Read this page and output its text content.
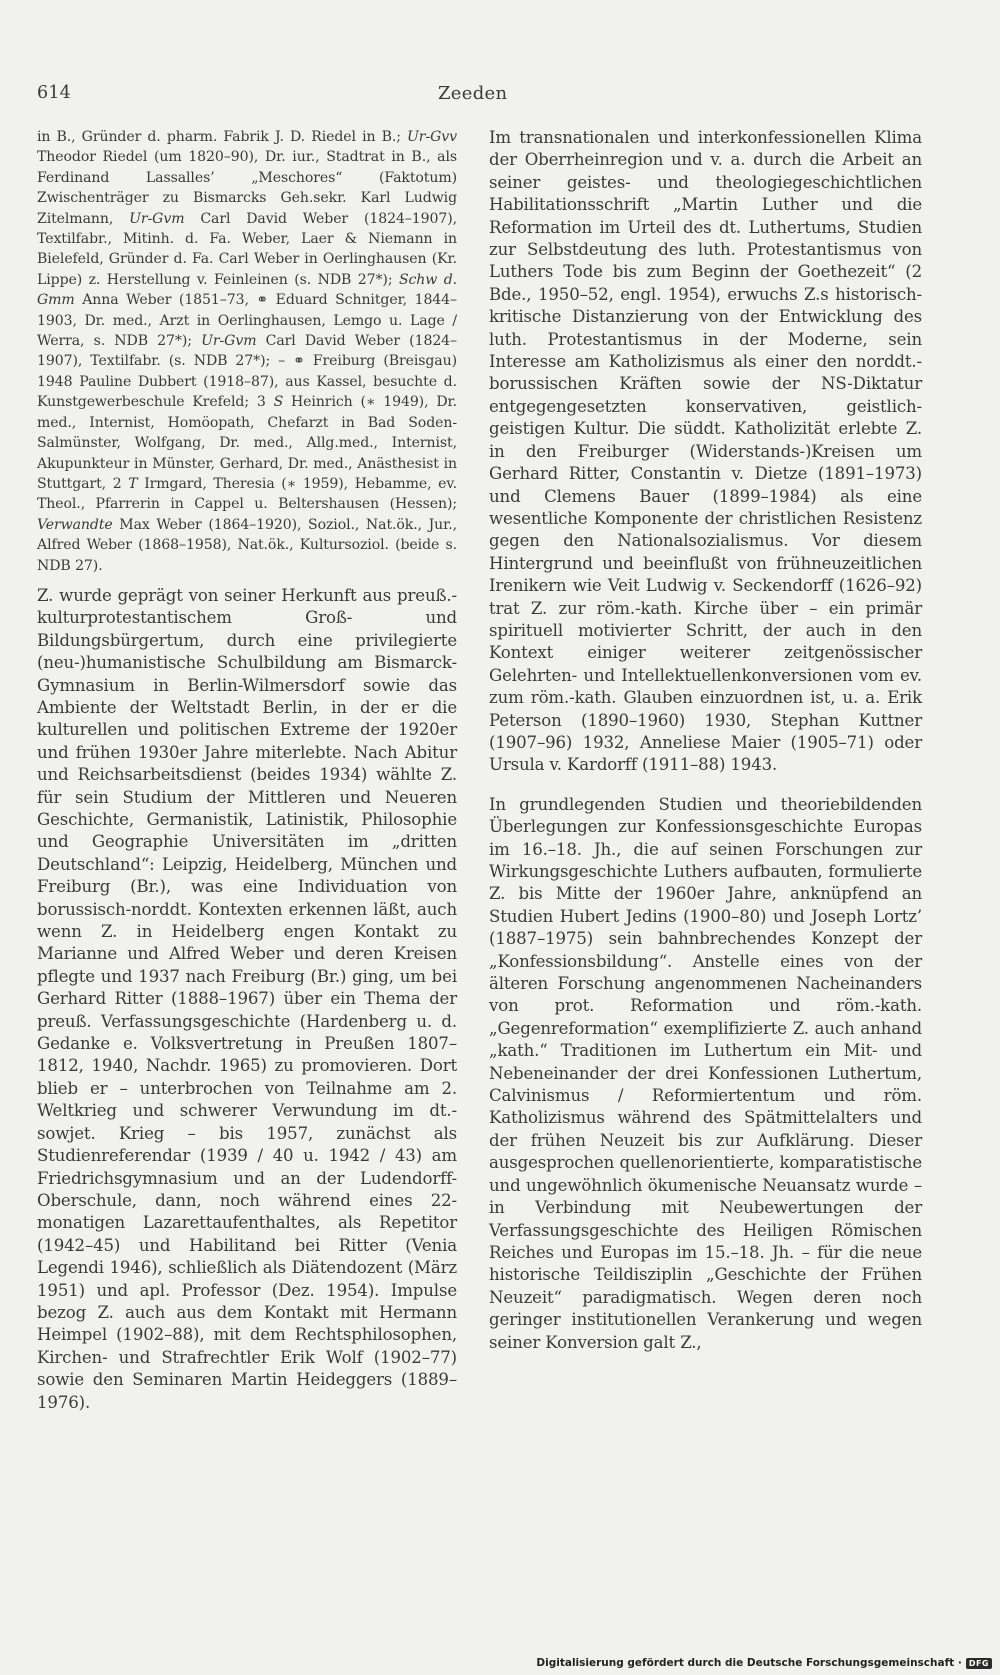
614	Zeeden

in B., Gründer d. pharm. Fabrik J. D. Riedel in B.; Ur-Gvv Theodor Riedel (um 1820–90), Dr. iur., Stadtrat in B., als Ferdinand Lassalles’ „Meschores“ (Faktotum) Zwischenträger zu Bismarcks Geh.sekr. Karl Ludwig Zitelmann, Ur-Gvm Carl David Weber (1824–1907), Textilfabr., Mitinh. d. Fa. Weber, Laer & Niemann in Bielefeld, Gründer d. Fa. Carl Weber in Oerlinghausen (Kr. Lippe) z. Herstellung v. Feinleinen (s. NDB 27*); Schw d. Gmm Anna Weber (1851–73, ⚭ Eduard Schnitger, 1844–1903, Dr. med., Arzt in Oerlinghausen, Lemgo u. Lage / Werra, s. NDB 27*); Ur-Gvm Carl David Weber (1824–1907), Textilfabr. (s. NDB 27*); – ⚭ Freiburg (Breisgau) 1948 Pauline Dubbert (1918–87), aus Kassel, besuchte d. Kunstgewerbeschule Krefeld; 3 S Heinrich (∗ 1949), Dr. med., Internist, Homöopath, Chefarzt in Bad Soden-Salmünster, Wolfgang, Dr. med., Allg.med., Internist, Akupunkteur in Münster, Gerhard, Dr. med., Anästhesist in Stuttgart, 2 T Irmgard, Theresia (∗ 1959), Hebamme, ev. Theol., Pfarrerin in Cappel u. Beltershausen (Hessen); Verwandte Max Weber (1864–1920), Soziol., Nat.ök., Jur., Alfred Weber (1868–1958), Nat.ök., Kultursoziol. (beide s. NDB 27).

Z. wurde geprägt von seiner Herkunft aus preuß.-kulturprotestantischem Groß- und Bildungsbürgertum, durch eine privilegierte (neu-)humanistische Schulbildung am Bismarck-Gymnasium in Berlin-Wilmersdorf sowie das Ambiente der Weltstadt Berlin, in der er die kulturellen und politischen Extreme der 1920er und frühen 1930er Jahre miterlebte. Nach Abitur und Reichsarbeitsdienst (beides 1934) wählte Z. für sein Studium der Mittleren und Neueren Geschichte, Germanistik, Latinistik, Philosophie und Geographie Universitäten im „dritten Deutschland“: Leipzig, Heidelberg, München und Freiburg (Br.), was eine Individuation von borussisch-norddt. Kontexten erkennen läßt, auch wenn Z. in Heidelberg engen Kontakt zu Marianne und Alfred Weber und deren Kreisen pflegte und 1937 nach Freiburg (Br.) ging, um bei Gerhard Ritter (1888–1967) über ein Thema der preuß. Verfassungsgeschichte (Hardenberg u. d. Gedanke e. Volksvertretung in Preußen 1807–1812, 1940, Nachdr. 1965) zu promovieren. Dort blieb er – unterbrochen von Teilnahme am 2. Weltkrieg und schwerer Verwundung im dt.-sowjet. Krieg – bis 1957, zunächst als Studienreferendar (1939 / 40 u. 1942 / 43) am Friedrichsgymnasium und an der Ludendorff-Oberschule, dann, noch während eines 22-monatigen Lazarettaufenthaltes, als Repetitor (1942–45) und Habilitand bei Ritter (Venia Legendi 1946), schließlich als Diätendozent (März 1951) und apl. Professor (Dez. 1954). Impulse bezog Z. auch aus dem Kontakt mit Hermann Heimpel (1902–88), mit dem Rechtsphilosophen, Kirchen- und Strafrechtler Erik Wolf (1902–77) sowie den Seminaren Martin Heideggers (1889–1976).

Im transnationalen und interkonfessionellen Klima der Oberrheinregion und v. a. durch die Arbeit an seiner geistes- und theologiegeschichtlichen Habilitationsschrift „Martin Luther und die Reformation im Urteil des dt. Luthertums, Studien zur Selbstdeutung des luth. Protestantismus von Luthers Tode bis zum Beginn der Goethezeit“ (2 Bde., 1950–52, engl. 1954), erwuchs Z.s historisch-kritische Distanzierung von der Entwicklung des luth. Protestantismus in der Moderne, sein Interesse am Katholizismus als einer den norddt.-borussischen Kräften sowie der NS-Diktatur entgegengesetzten konservativen, geistlich-geistigen Kultur. Die süddt. Katholizität erlebte Z. in den Freiburger (Widerstands-)Kreisen um Gerhard Ritter, Constantin v. Dietze (1891–1973) und Clemens Bauer (1899–1984) als eine wesentliche Komponente der christlichen Resistenz gegen den Nationalsozialismus. Vor diesem Hintergrund und beeinflußt von frühneuzeitlichen Irenikern wie Veit Ludwig v. Seckendorff (1626–92) trat Z. zur röm.-kath. Kirche über – ein primär spirituell motivierter Schritt, der auch in den Kontext einiger weiterer zeitgenössischer Gelehrten- und Intellektuellenkonversionen vom ev. zum röm.-kath. Glauben einzuordnen ist, u. a. Erik Peterson (1890–1960) 1930, Stephan Kuttner (1907–96) 1932, Anneliese Maier (1905–71) oder Ursula v. Kardorff (1911–88) 1943.

In grundlegenden Studien und theoriebildenden Überlegungen zur Konfessionsgeschichte Europas im 16.–18. Jh., die auf seinen Forschungen zur Wirkungsgeschichte Luthers aufbauten, formulierte Z. bis Mitte der 1960er Jahre, anknüpfend an Studien Hubert Jedins (1900–80) und Joseph Lortz’ (1887–1975) sein bahnbrechendes Konzept der „Konfessionsbildung“. Anstelle eines von der älteren Forschung angenommenen Nacheinanders von prot. Reformation und röm.-kath. „Gegenreformation“ exemplifizierte Z. auch anhand „kath.“ Traditionen im Luthertum ein Mit- und Nebeneinander der drei Konfessionen Luthertum, Calvinismus / Reformiertentum und röm. Katholizismus während des Spätmittelalters und der frühen Neuzeit bis zur Aufklärung. Dieser ausgesprochen quellenorientierte, komparatistische und ungewöhnlich ökumenische Neuansatz wurde – in Verbindung mit Neubewertungen der Verfassungsgeschichte des Heiligen Römischen Reiches und Europas im 15.–18. Jh. – für die neue historische Teildisziplin „Geschichte der Frühen Neuzeit“ paradigmatisch. Wegen deren noch geringer institutionellen Verankerung und wegen seiner Konversion galt Z.,

Digitalisierung gefördert durch die Deutsche Forschungsgemeinschaft · DFG
